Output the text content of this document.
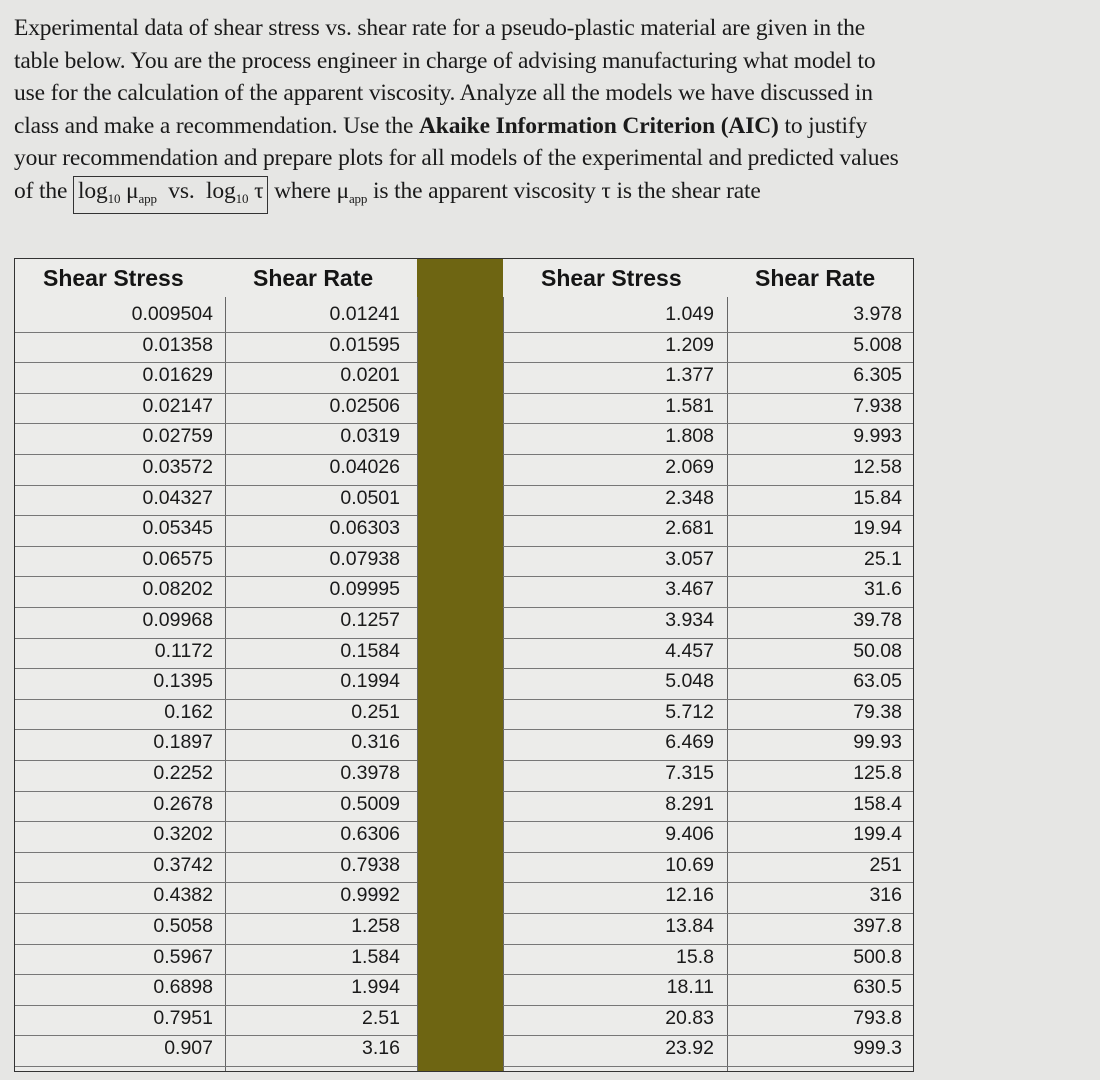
Experimental data of shear stress vs. shear rate for a pseudo-plastic material are given in the
table below. You are the process engineer in charge of advising manufacturing what model to
use for the calculation of the apparent viscosity. Analyze all the models we have discussed in
class and make a recommendation. Use the Akaike Information Criterion (AIC) to justify
your recommendation and prepare plots for all models of the experimental and predicted values
of the $\log_{10} \mu_{app}$ vs. $\log_{10} \tau$ where $\mu_{app}$ is the apparent viscosity τ is the shear rate
Shear Stress	Shear Rate	Shear Stress	Shear Rate
0.009504	0.01241	1.049	3.978
0.01358	0.01595	1.209	5.008
0.01629	0.0201	1.377	6.305
0.02147	0.02506	1.581	7.938
0.02759	0.0319	1.808	9.993
0.03572	0.04026	2.069	12.58
0.04327	0.0501	2.348	15.84
0.05345	0.06303	2.681	19.94
0.06575	0.07938	3.057	25.1
0.08202	0.09995	3.467	31.6
0.09968	0.1257	3.934	39.78
0.1172	0.1584	4.457	50.08
0.1395	0.1994	5.048	63.05
0.162	0.251	5.712	79.38
0.1897	0.316	6.469	99.93
0.2252	0.3978	7.315	125.8
0.2678	0.5009	8.291	158.4
0.3202	0.6306	9.406	199.4
0.3742	0.7938	10.69	251
0.4382	0.9992	12.16	316
0.5058	1.258	13.84	397.8
0.5967	1.584	15.8	500.8
0.6898	1.994	18.11	630.5
0.7951	2.51	20.83	793.8
0.907	3.16	23.92	999.3
